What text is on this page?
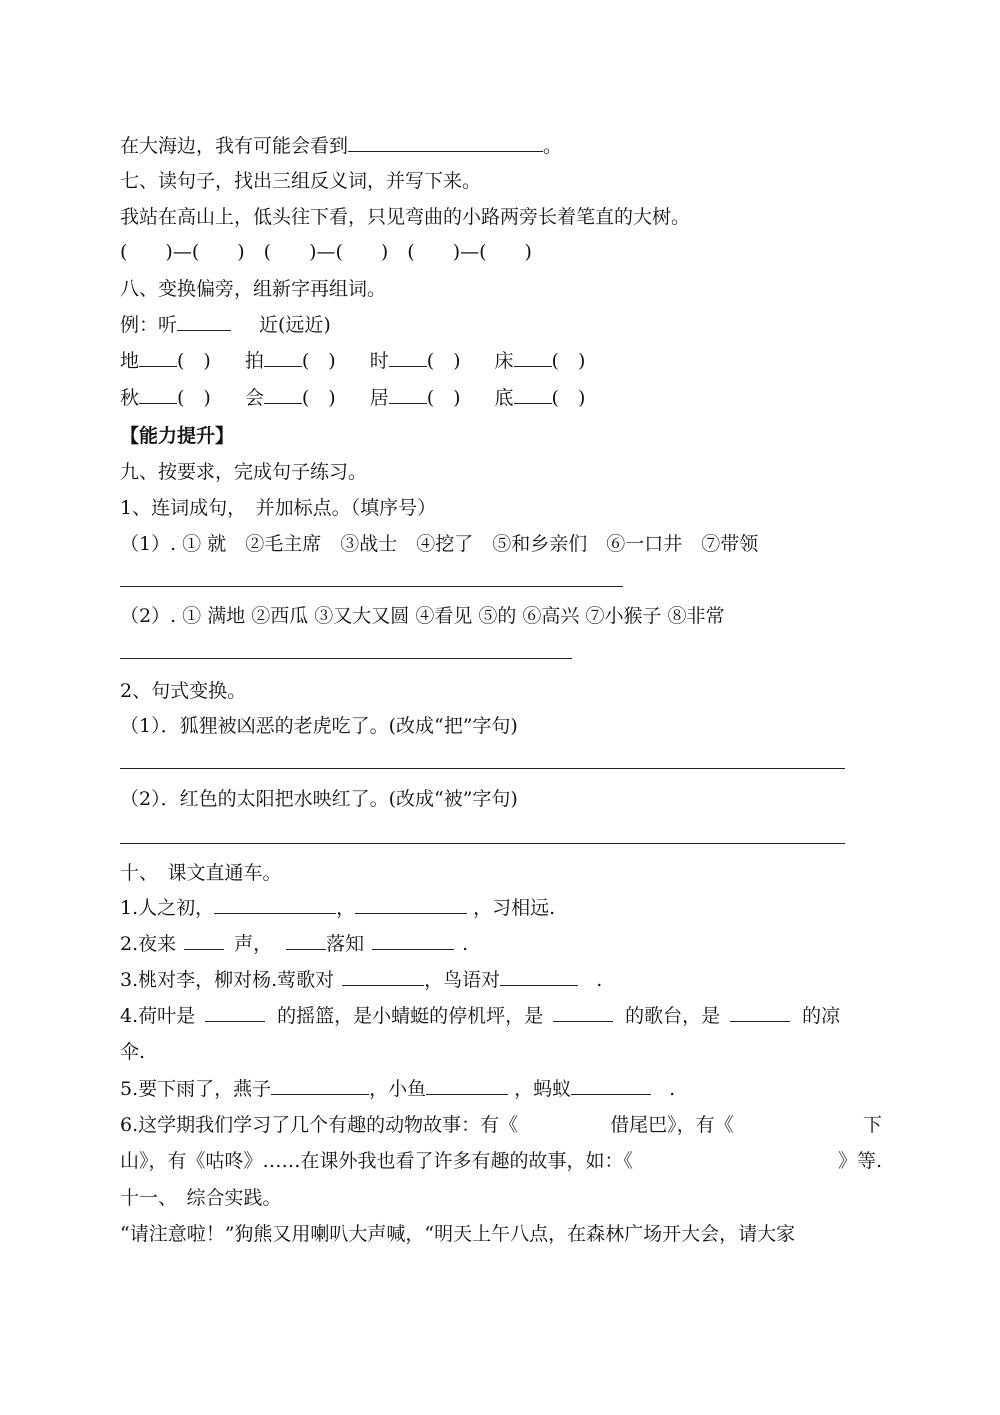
在大海边，我有可能会看到	。
七、读句子，找出三组反义词，并写下来。
我站在高山上，低头往下看，只见弯曲的小路两旁长着笔直的大树。
(　　)—(　　)　(　　)—(　　)　(　　)—(　　)
八、变换偏旁，组新字再组词。
例：听	近(远近)
地 (　) 拍 (　) 时 (　) 床 (　)
秋 (　) 会 (　) 居 (　) 底 (　)
【能力提升】
九、按要求，完成句子练习。
1、连词成句，　并加标点。（填序号）
（1）. ① 就　②毛主席　③战士　④挖了　⑤和乡亲们　⑥一口井　⑦带领
（2）. ① 满地 ②西瓜 ③又大又圆 ④看见 ⑤的 ⑥高兴 ⑦小猴子 ⑧非常
2、句式变换。
（1）．狐狸被凶恶的老虎吃了。(改成“把”字句)
（2）．红色的太阳把水映红了。(改成“被”字句)
十、　课文直通车。
1.人之初，	，	，习相远.
2.夜来	声，	落知	.
3.桃对李，柳对杨.莺歌对	，鸟语对	.
4.荷叶是	的摇篮，是小蜻蜓的停机坪，是	的歌台，是	的凉
伞.
5.要下雨了，燕子	，小鱼	，蚂蚁	.
6.这学期我们学习了几个有趣的动物故事：有《	借尾巴》，有《	下
山》，有《咕咚》……在课外我也看了许多有趣的故事，如：《	》等.
十一、　综合实践。
“请注意啦！”狗熊又用喇叭大声喊，“明天上午八点，在森林广场开大会，请大家
